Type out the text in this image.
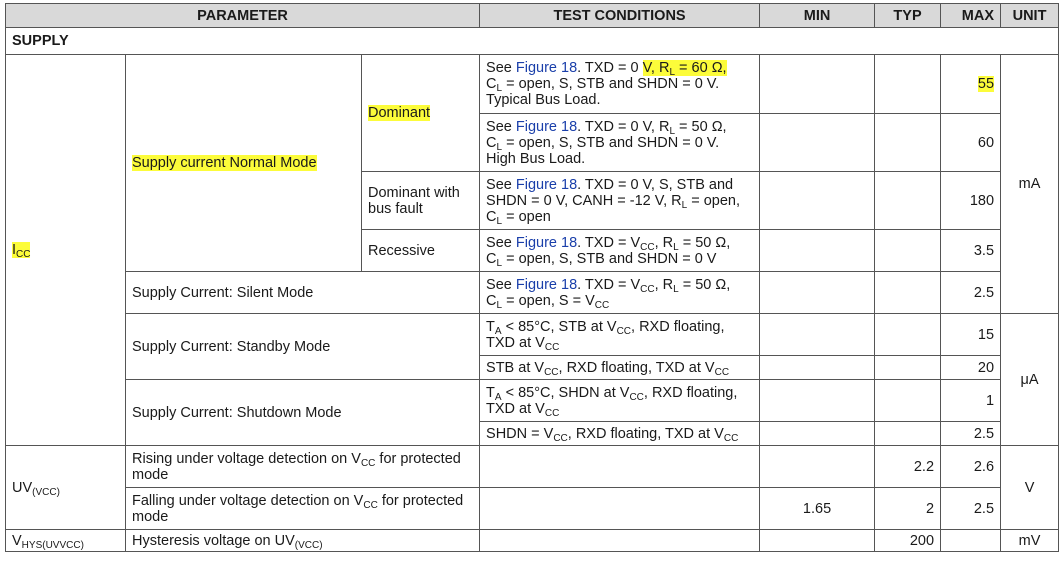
PARAMETER			TEST CONDITIONS	MIN	TYP	MAX	UNIT
SUPPLY							
$I_{CC}$	Supply current Normal Mode	Dominant	See Figure 18. TXD = 0 V, $R_L = 60$ Ω,
$C_L$ = open, S, STB and SHDN = 0 V.
Typical Bus Load.			55	mA
			See Figure 18. TXD = 0 V, $R_L = 50$ Ω,
$C_L$ = open, S, STB and SHDN = 0 V.
High Bus Load.			60	
		Dominant with
bus fault	See Figure 18. TXD = 0 V, S, STB and
SHDN = 0 V, CANH = -12 V, $R_L$ = open,
$C_L$ = open			180	
		Recessive	See Figure 18. TXD = $V_{CC}$, $R_L = 50$ Ω,
$C_L$ = open, S, STB and SHDN = 0 V			3.5	
	Supply Current: Silent Mode		See Figure 18. TXD = $V_{CC}$, $R_L = 50$ Ω,
$C_L$ = open, $S = V_{CC}$			2.5	
	Supply Current: Standby Mode		$T_A < 85^\circ C$, STB at $V_{CC}$, RXD floating,
TXD at $V_{CC}$			15	μA
			STB at $V_{CC}$, RXD floating, TXD at $V_{CC}$			20	
	Supply Current: Shutdown Mode		$T_A < 85^\circ C$, SHDN at $V_{CC}$, RXD floating,
TXD at $V_{CC}$			1	
			SHDN = $V_{CC}$, RXD floating, TXD at $V_{CC}$			2.5	
$UV_{(VCC)}$	Rising under voltage detection on $V_{CC}$ for protected
mode				2.2	2.6	V
	Falling under voltage detection on $V_{CC}$ for protected
mode			1.65	2	2.5	
$V_{HYS(UVVCC)}$	Hysteresis voltage on $UV_{(VCC)}$				200		mV
